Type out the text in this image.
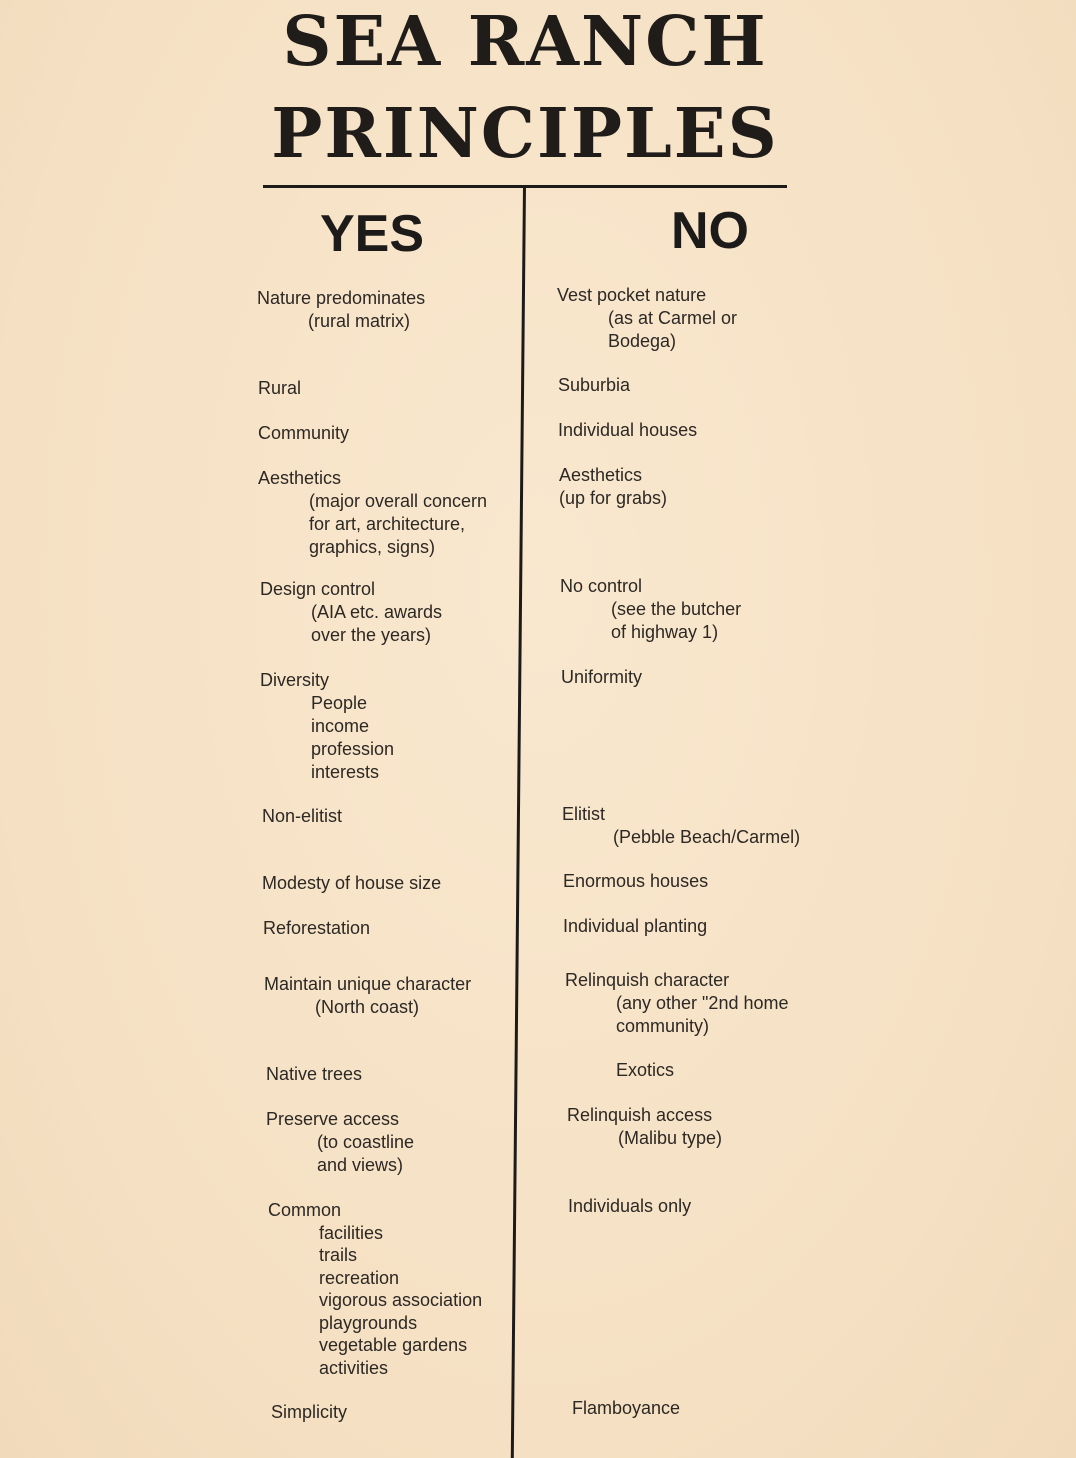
SEA RANCH
PRINCIPLES
YES	NO
Nature predominates
(rural matrix)
Rural
Community
Aesthetics
(major overall concern
for art, architecture,
graphics, signs)
Design control
(AIA etc. awards
over the years)
Diversity
People
income
profession
interests
Non-elitist
Modesty of house size
Reforestation
Maintain unique character
(North coast)
Native trees
Preserve access
(to coastline
and views)
Common
facilities
trails
recreation
vigorous association
playgrounds
vegetable gardens
activities
Simplicity
Vest pocket nature
(as at Carmel or
Bodega)
Suburbia
Individual houses
Aesthetics
(up for grabs)
No control
(see the butcher
of highway 1)
Uniformity
Elitist
(Pebble Beach/Carmel)
Enormous houses
Individual planting
Relinquish character
(any other "2nd home
community)
Exotics
Relinquish access
(Malibu type)
Individuals only
Flamboyance
